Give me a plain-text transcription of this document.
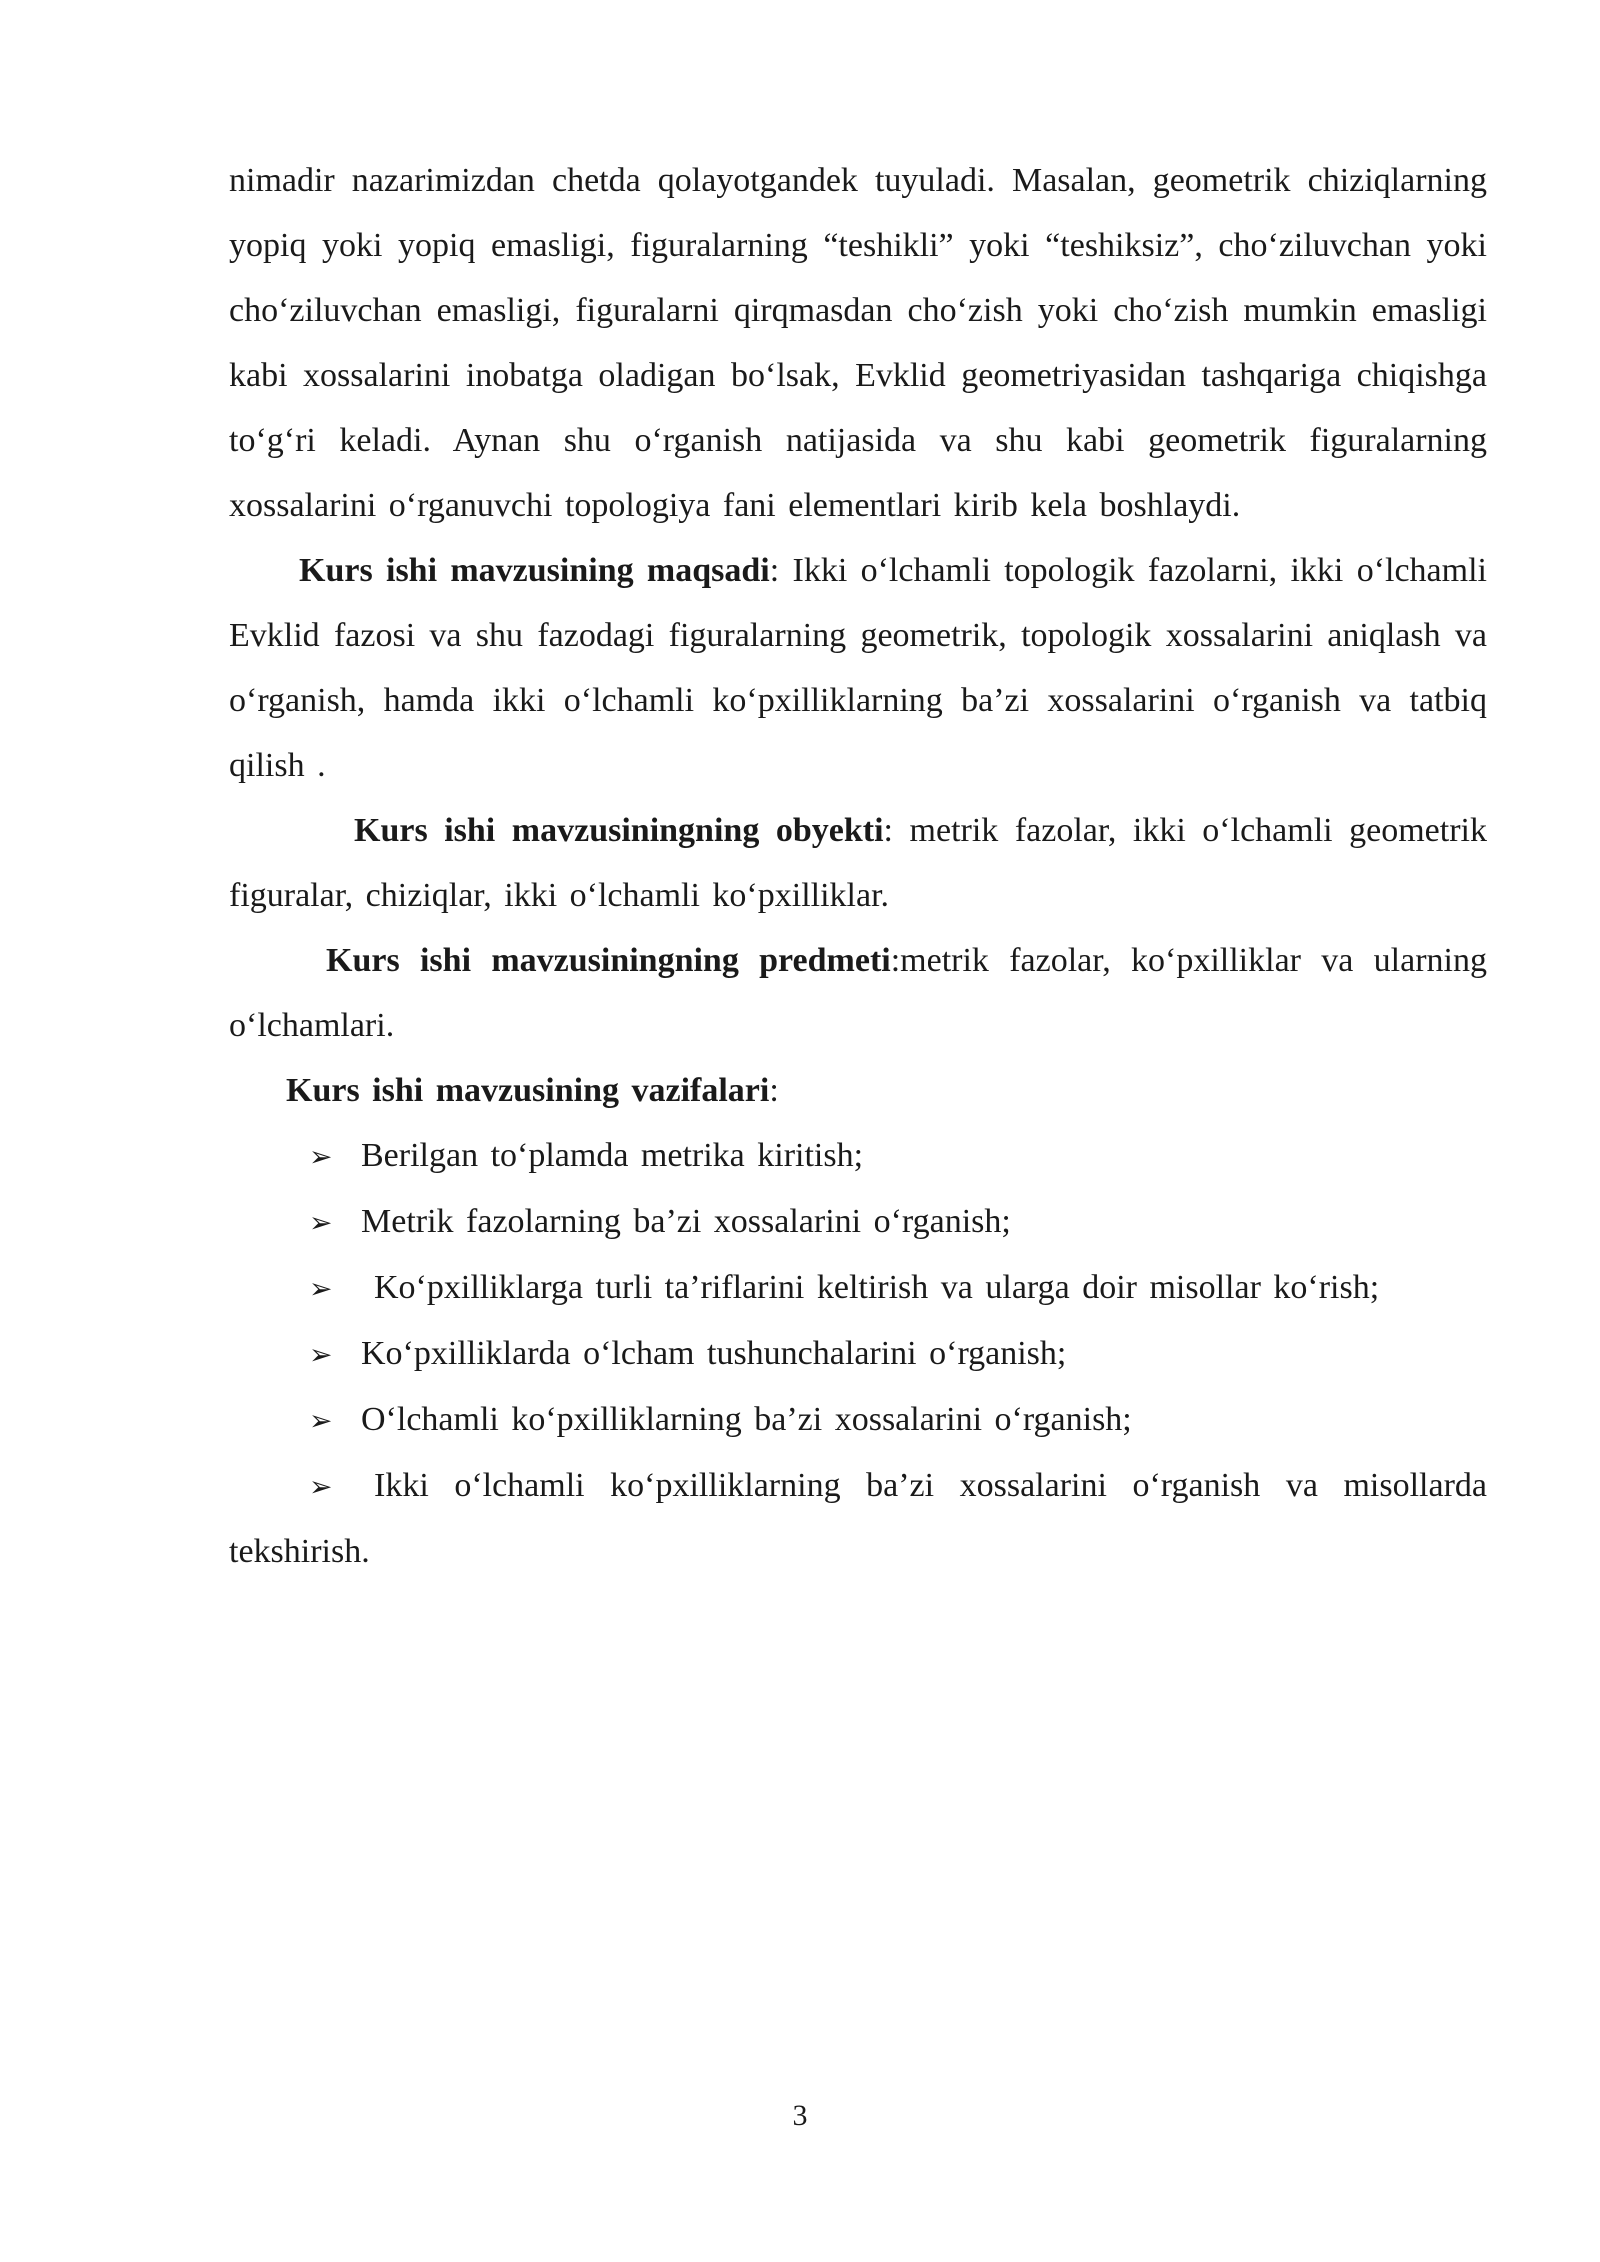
nimadir nazarimizdan chetda qolayotgandek tuyuladi. Masalan, geometrik chiziqlarning yopiq yoki yopiq emasligi, figuralarning “teshikli” yoki “teshiksiz”, cho‘ziluvchan yoki cho‘ziluvchan emasligi, figuralarni qirqmasdan cho‘zish yoki cho‘zish mumkin emasligi kabi xossalarini inobatga oladigan bo‘lsak, Evklid geometriyasidan tashqariga chiqishga to‘g‘ri keladi. Aynan shu o‘rganish natijasida va shu kabi geometrik figuralarning xossalarini o‘rganuvchi topologiya fani elementlari kirib kela boshlaydi.

Kurs ishi mavzusining maqsadi: Ikki o‘lchamli topologik fazolarni, ikki o‘lchamli Evklid fazosi va shu fazodagi figuralarning geometrik, topologik xossalarini aniqlash va o‘rganish, hamda ikki o‘lchamli ko‘pxilliklarning ba’zi xossalarini o‘rganish va tatbiq qilish .

Kurs ishi mavzusiningning obyekti: metrik fazolar, ikki o‘lchamli geometrik figuralar, chiziqlar, ikki o‘lchamli ko‘pxilliklar.

Kurs ishi mavzusiningning predmeti:metrik fazolar, ko‘pxilliklar va ularning o‘lchamlari.

Kurs ishi mavzusining vazifalari:

➢ Berilgan to‘plamda metrika kiritish;

➢ Metrik fazolarning ba’zi xossalarini o‘rganish;

➢ Ko‘pxilliklarga turli ta’riflarini keltirish va ularga doir misollar ko‘rish;

➢ Ko‘pxilliklarda o‘lcham tushunchalarini o‘rganish;

➢ O‘lchamli ko‘pxilliklarning ba’zi xossalarini o‘rganish;

➢ Ikki o‘lchamli ko‘pxilliklarning ba’zi xossalarini o‘rganish va misollarda tekshirish.

3
